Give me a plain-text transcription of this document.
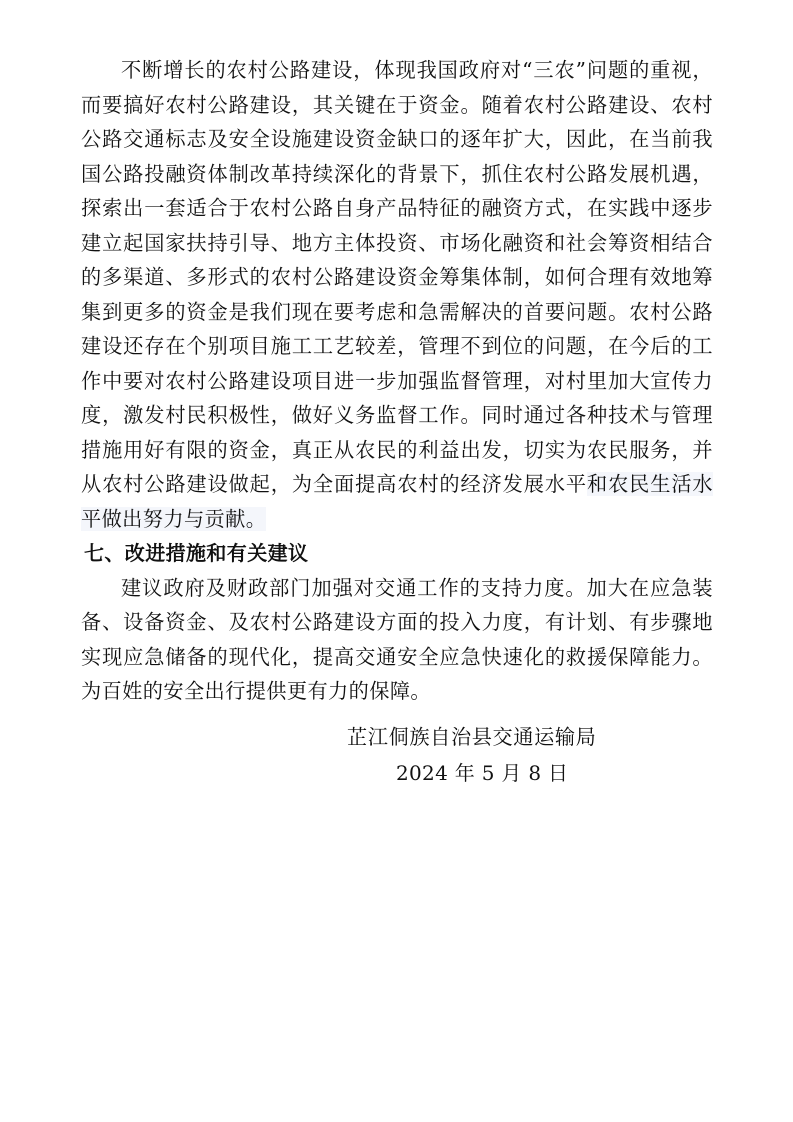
不断增长的农村公路建设，体现我国政府对“三农”问题的重视，而要搞好农村公路建设，其关键在于资金。随着农村公路建设、农村公路交通标志及安全设施建设资金缺口的逐年扩大，因此，在当前我国公路投融资体制改革持续深化的背景下，抓住农村公路发展机遇，探索出一套适合于农村公路自身产品特征的融资方式，在实践中逐步建立起国家扶持引导、地方主体投资、市场化融资和社会筹资相结合的多渠道、多形式的农村公路建设资金筹集体制，如何合理有效地筹集到更多的资金是我们现在要考虑和急需解决的首要问题。农村公路建设还存在个别项目施工工艺较差，管理不到位的问题，在今后的工作中要对农村公路建设项目进一步加强监督管理，对村里加大宣传力度，激发村民积极性，做好义务监督工作。同时通过各种技术与管理措施用好有限的资金，真正从农民的利益出发，切实为农民服务，并从农村公路建设做起，为全面提高农村的经济发展水平和农民生活水平做出努力与贡献。

七、改进措施和有关建议

建议政府及财政部门加强对交通工作的支持力度。加大在应急装备、设备资金、及农村公路建设方面的投入力度，有计划、有步骤地实现应急储备的现代化，提高交通安全应急快速化的救援保障能力。为百姓的安全出行提供更有力的保障。

芷江侗族自治县交通运输局
2024 年 5 月 8 日
